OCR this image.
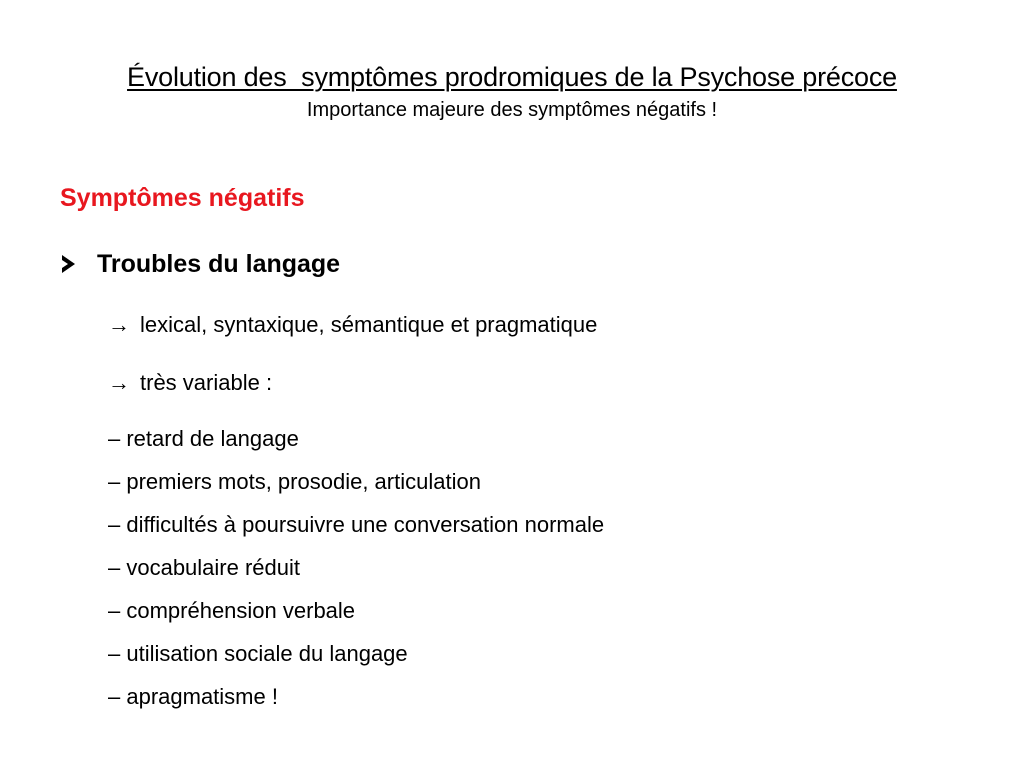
Évolution des  symptômes prodromiques de la Psychose précoce
Importance majeure des symptômes négatifs !
Symptômes négatifs
Troubles du langage
→ lexical, syntaxique, sémantique et pragmatique
→ très variable :
– retard de langage
– premiers mots, prosodie, articulation
– difficultés à poursuivre une conversation normale
– vocabulaire réduit
– compréhension verbale
– utilisation sociale du langage
– apragmatisme !
